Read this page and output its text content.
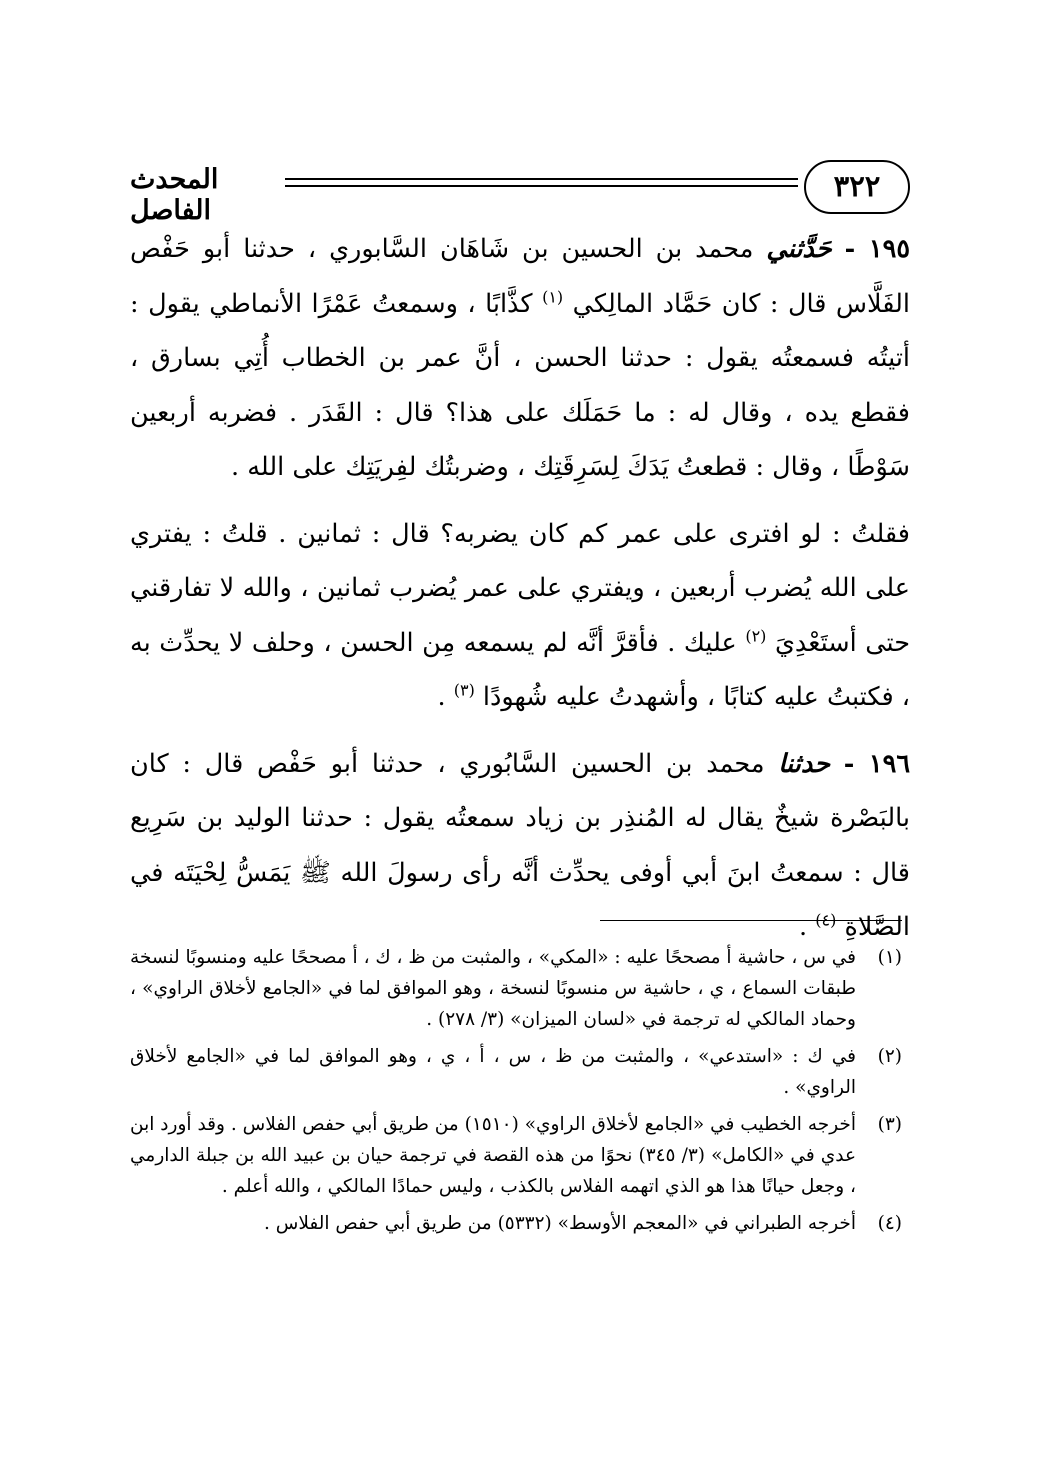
٣٢٢
المحدث الفاصل

١٩٥ - حَدَّثني محمد بن الحسين بن شَاهَان السَّابوري ، حدثنا أبو حَفْص الفَلَّاس قال : كان حَمَّاد المالِكي $^{(١)}$ كذَّابًا ، وسمعتُ عَمْرًا الأنماطي يقول : أتيتُه فسمعتُه يقول : حدثنا الحسن ، أنَّ عمر بن الخطاب أُتِي بسارق ، فقطع يده ، وقال له : ما حَمَلَك على هذا؟ قال : القَدَر . فضربه أربعين سَوْطًا ، وقال : قطعتُ يَدَكَ لِسَرِقَتِك ، وضربتُك لفِريَتِك على الله .

فقلتُ : لو افترى على عمر كم كان يضربه؟ قال : ثمانين . قلتُ : يفتري على الله يُضرب أربعين ، ويفتري على عمر يُضرب ثمانين ، والله لا تفارقني حتى أستَعْدِيَ $^{(٢)}$ عليك . فأقرَّ أنَّه لم يسمعه مِن الحسن ، وحلف لا يحدِّث به ، فكتبتُ عليه كتابًا ، وأشهدتُ عليه شُهودًا $^{(٣)}$ .

١٩٦ - حدثنا محمد بن الحسين السَّابُوري ، حدثنا أبو حَفْص قال : كان بالبَصْرة شيخٌ يقال له المُنذِر بن زياد سمعتُه يقول : حدثنا الوليد بن سَرِيع قال : سمعتُ ابنَ أبي أوفى يحدِّث أنَّه رأى رسولَ الله ﷺ يَمَسُّ لِحْيَتَه في الصَّلاةِ $^{(٤)}$ .

(١)
في س ، حاشية أ مصححًا عليه : «المكي» ، والمثبت من ظ ، ك ، أ مصححًا عليه ومنسوبًا لنسخة طبقات السماع ، ي ، حاشية س منسوبًا لنسخة ، وهو الموافق لما في «الجامع لأخلاق الراوي» ، وحماد المالكي له ترجمة في «لسان الميزان» (٣/ ٢٧٨) .
(٢)
في ك : «استدعي» ، والمثبت من ظ ، س ، أ ، ي ، وهو الموافق لما في «الجامع لأخلاق الراوي» .
(٣)
أخرجه الخطيب في «الجامع لأخلاق الراوي» (١٥١٠) من طريق أبي حفص الفلاس . وقد أورد ابن عدي في «الكامل» (٣/ ٣٤٥) نحوًا من هذه القصة في ترجمة حيان بن عبيد الله بن جبلة الدارمي ، وجعل حيانًا هذا هو الذي اتهمه الفلاس بالكذب ، وليس حمادًا المالكي ، والله أعلم .
(٤)
أخرجه الطبراني في «المعجم الأوسط» (٥٣٣٢) من طريق أبي حفص الفلاس .
